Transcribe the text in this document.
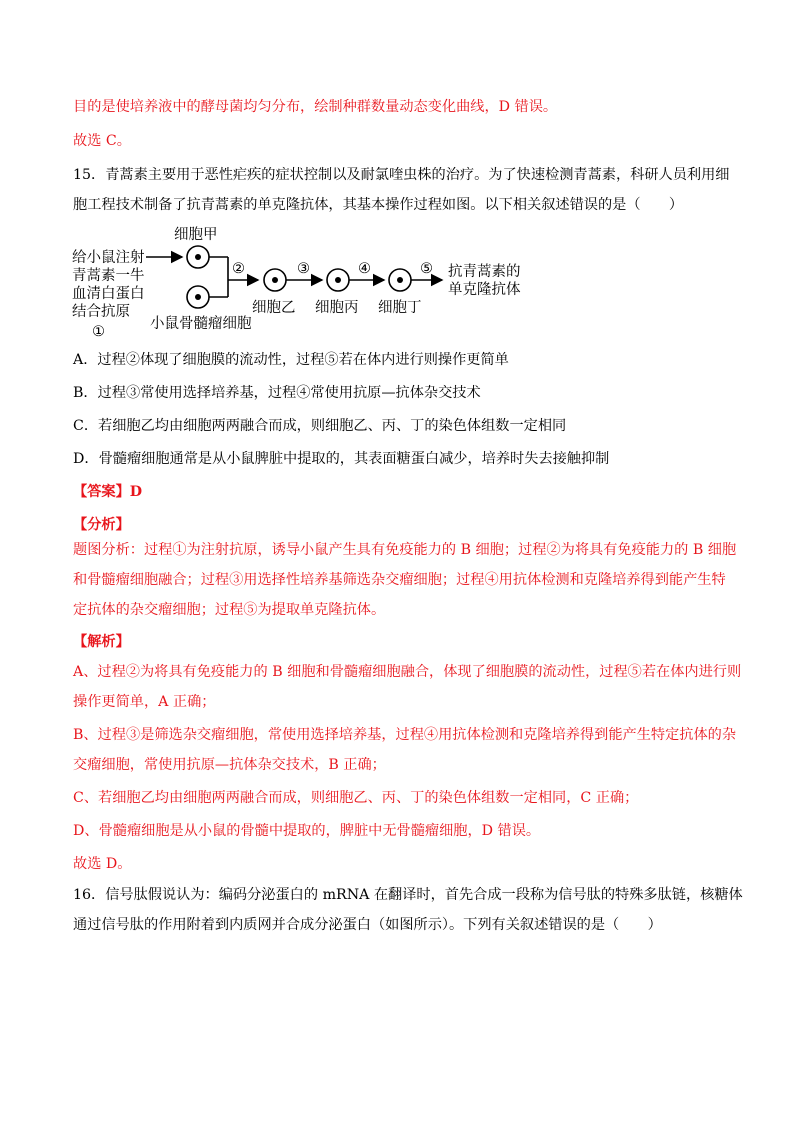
目的是使培养液中的酵母菌均匀分布，绘制种群数量动态变化曲线，D 错误。
故选 C。
15．青蒿素主要用于恶性疟疾的症状控制以及耐氯喹虫株的治疗。为了快速检测青蒿素，科研人员利用细
胞工程技术制备了抗青蒿素的单克隆抗体，其基本操作过程如图。以下相关叙述错误的是（　　）
给小鼠注射
青蒿素一牛
血清白蛋白
结合抗原
①
细胞甲
小鼠骨髓瘤细胞
②
细胞乙
③
细胞丙
④
细胞丁
⑤ 抗青蒿素的
单克隆抗体
A．过程②体现了细胞膜的流动性，过程⑤若在体内进行则操作更简单
B．过程③常使用选择培养基，过程④常使用抗原—抗体杂交技术
C．若细胞乙均由细胞两两融合而成，则细胞乙、丙、丁的染色体组数一定相同
D．骨髓瘤细胞通常是从小鼠脾脏中提取的，其表面糖蛋白减少，培养时失去接触抑制
【答案】D
【分析】
题图分析：过程①为注射抗原，诱导小鼠产生具有免疫能力的 B 细胞；过程②为将具有免疫能力的 B 细胞
和骨髓瘤细胞融合；过程③用选择性培养基筛选杂交瘤细胞；过程④用抗体检测和克隆培养得到能产生特
定抗体的杂交瘤细胞；过程⑤为提取单克隆抗体。
【解析】
A、过程②为将具有免疫能力的 B 细胞和骨髓瘤细胞融合，体现了细胞膜的流动性，过程⑤若在体内进行则
操作更简单，A 正确；
B、过程③是筛选杂交瘤细胞，常使用选择培养基，过程④用抗体检测和克隆培养得到能产生特定抗体的杂
交瘤细胞，常使用抗原—抗体杂交技术，B 正确；
C、若细胞乙均由细胞两两融合而成，则细胞乙、丙、丁的染色体组数一定相同，C 正确；
D、骨髓瘤细胞是从小鼠的骨髓中提取的，脾脏中无骨髓瘤细胞，D 错误。
故选 D。
16．信号肽假说认为：编码分泌蛋白的 mRNA 在翻译时，首先合成一段称为信号肽的特殊多肽链，核糖体
通过信号肽的作用附着到内质网并合成分泌蛋白（如图所示）。下列有关叙述错误的是（　　）
